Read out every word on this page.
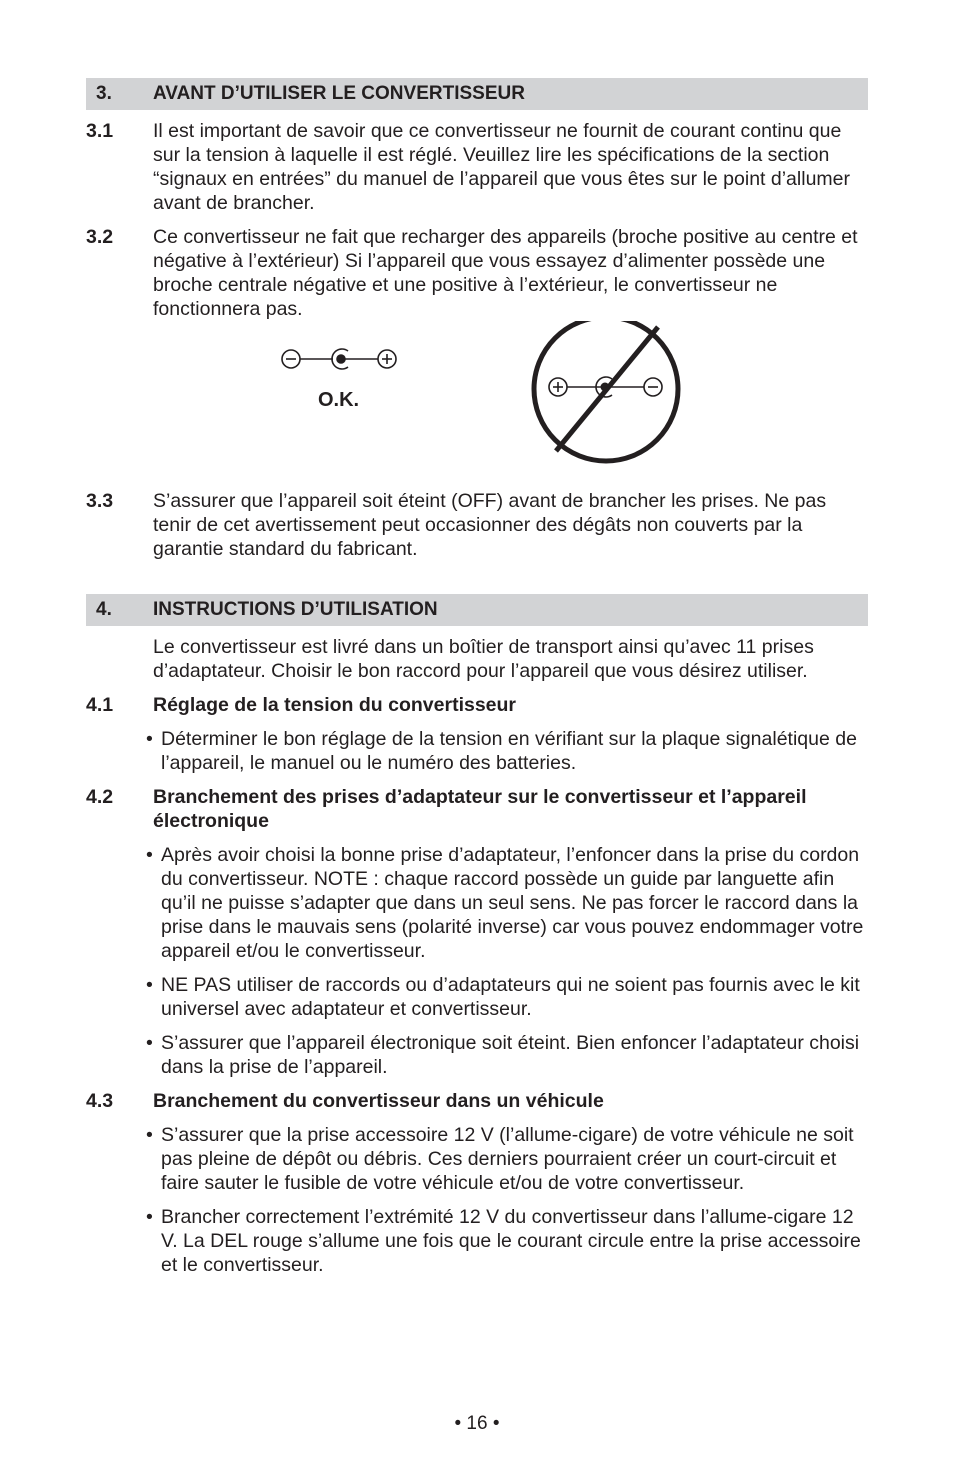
3.	AVANT D’UTILISER LE CONVERTISSEUR
3.1	Il est important de savoir que ce convertisseur ne fournit de courant continu que sur la tension à laquelle il est réglé. Veuillez lire les spécifications de la section “signaux en entrées” du manuel de l’appareil que vous êtes sur le point d’allumer avant de brancher.
3.2	Ce convertisseur ne fait que recharger des appareils (broche positive au centre et négative à l’extérieur) Si l’appareil que vous essayez d’alimenter possède une broche centrale négative et une positive à l’extérieur, le convertisseur ne fonctionnera pas.
O.K.
3.3	S’assurer que l’appareil soit éteint (OFF) avant de brancher les prises. Ne pas tenir de cet avertissement peut occasionner des dégâts non couverts par la garantie standard du fabricant.
4.	INSTRUCTIONS D’UTILISATION
Le convertisseur est livré dans un boîtier de transport ainsi qu’avec 11 prises d’adaptateur. Choisir le bon raccord pour l’appareil que vous désirez utiliser.
4.1	Réglage de la tension du convertisseur
• Déterminer le bon réglage de la tension en vérifiant sur la plaque signalétique de l’appareil, le manuel ou le numéro des batteries.
4.2	Branchement des prises d’adaptateur sur le convertisseur et l’appareil électronique
• Après avoir choisi la bonne prise d’adaptateur, l’enfoncer dans la prise du cordon du convertisseur. NOTE : chaque raccord possède un guide par languette afin qu’il ne puisse s’adapter que dans un seul sens. Ne pas forcer le raccord dans la prise dans le mauvais sens (polarité inverse) car vous pouvez endommager votre appareil et/ou le convertisseur.
• NE PAS utiliser de raccords ou d’adaptateurs qui ne soient pas fournis avec le kit universel avec adaptateur et convertisseur.
• S’assurer que l’appareil électronique soit éteint. Bien enfoncer l’adaptateur choisi dans la prise de l’appareil.
4.3	Branchement du convertisseur dans un véhicule
• S’assurer que la prise accessoire 12 V (l’allume-cigare) de votre véhicule ne soit pas pleine de dépôt ou débris. Ces derniers pourraient créer un court-circuit et faire sauter le fusible de votre véhicule et/ou de votre convertisseur.
• Brancher correctement l’extrémité 12 V du convertisseur dans l’allume-cigare 12 V. La DEL rouge s’allume une fois que le courant circule entre la prise accessoire et le convertisseur.
• 16 •
